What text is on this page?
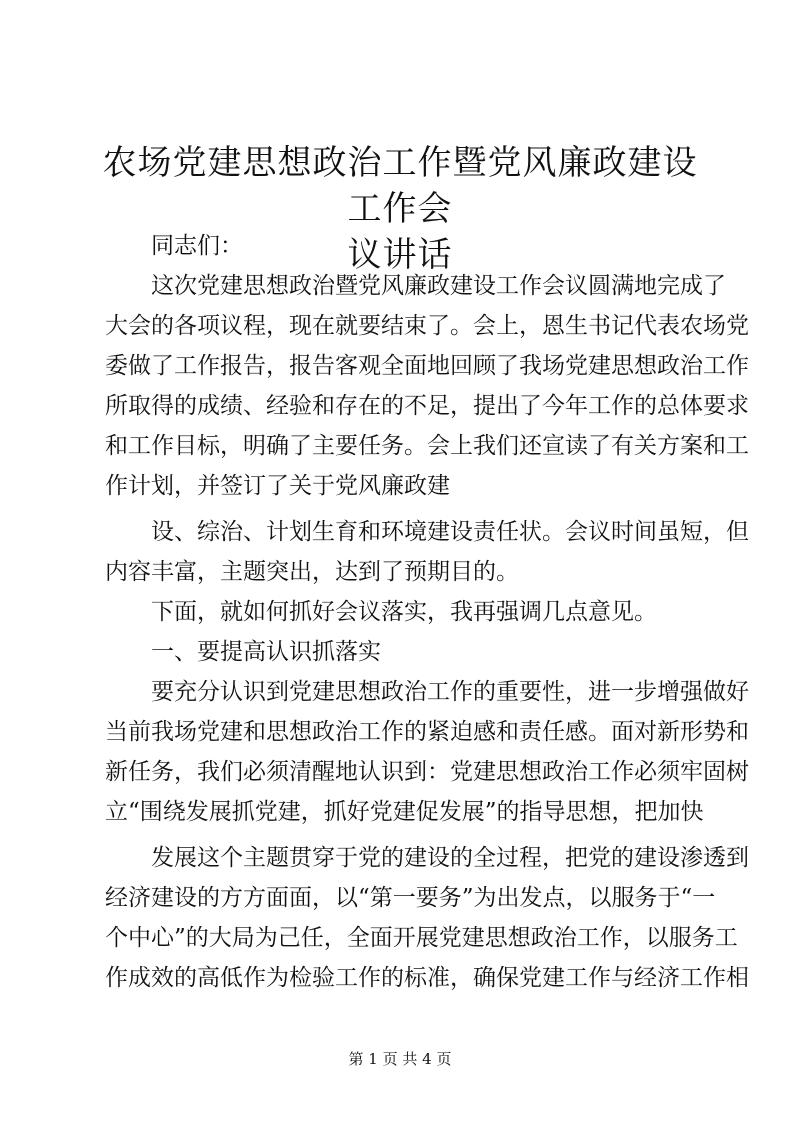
农场党建思想政治工作暨党风廉政建设工作会
议讲话
　　同志们：
　　这次党建思想政治暨党风廉政建设工作会议圆满地完成了
大会的各项议程，现在就要结束了。会上，恩生书记代表农场党
委做了工作报告，报告客观全面地回顾了我场党建思想政治工作
所取得的成绩、经验和存在的不足，提出了今年工作的总体要求
和工作目标，明确了主要任务。会上我们还宣读了有关方案和工
作计划，并签订了关于党风廉政建
　　设、综治、计划生育和环境建设责任状。会议时间虽短，但
内容丰富，主题突出，达到了预期目的。
　　下面，就如何抓好会议落实，我再强调几点意见。
　　一、要提高认识抓落实
　　要充分认识到党建思想政治工作的重要性，进一步增强做好
当前我场党建和思想政治工作的紧迫感和责任感。面对新形势和
新任务，我们必须清醒地认识到：党建思想政治工作必须牢固树
立“围绕发展抓党建，抓好党建促发展”的指导思想，把加快
　　发展这个主题贯穿于党的建设的全过程，把党的建设渗透到
经济建设的方方面面，以“第一要务”为出发点，以服务于“一
个中心”的大局为己任，全面开展党建思想政治工作，以服务工
作成效的高低作为检验工作的标准，确保党建工作与经济工作相
第 1 页 共 4 页
